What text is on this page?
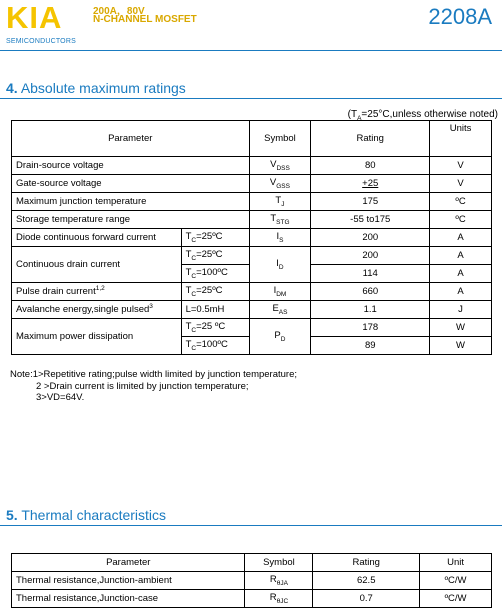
KIA
SEMICONDUCTORS
200A，80V
N-CHANNEL MOSFET	2208A
4. Absolute maximum ratings
($T_A=25^\circ C,unless$ otherwise noted)
Parameter		Symbol	Rating	Units
Drain-source voltage		$V_{DSS}$	80	V
Gate-source voltage		$V_{GSS}$	+25	V
Maximum junction temperature		$T_J$	175	ºC
Storage temperature range		$T_{STG}$	-55 to175	ºC
Diode continuous forward current	$T_C=25ºC$	$I_S$	200	A
Continuous drain current	$T_C=25ºC$	$I_D$	200	A
	$T_C=100ºC$		114	A
Pulse drain current$^{1,2}$	$T_C=25ºC$	$I_{DM}$	660	A
Avalanche energy,single pulsed$^3$	L=0.5mH	$E_{AS}$	1.1	J
Maximum power dissipation	$T_C=25$ ºC	$P_D$	178	W
	$T_C=100ºC$		89	W
Note:1>Repetitive rating;pulse width limited by junction temperature;
2 >Drain current is limited by junction temperature;
3>VD=64V.
5. Thermal characteristics
Parameter	Symbol	Rating	Unit
Thermal resistance,Junction-ambient	$R_{\theta JA}$	62.5	ºC/W
Thermal resistance,Junction-case	$R_{\theta JC}$	0.7	ºC/W
